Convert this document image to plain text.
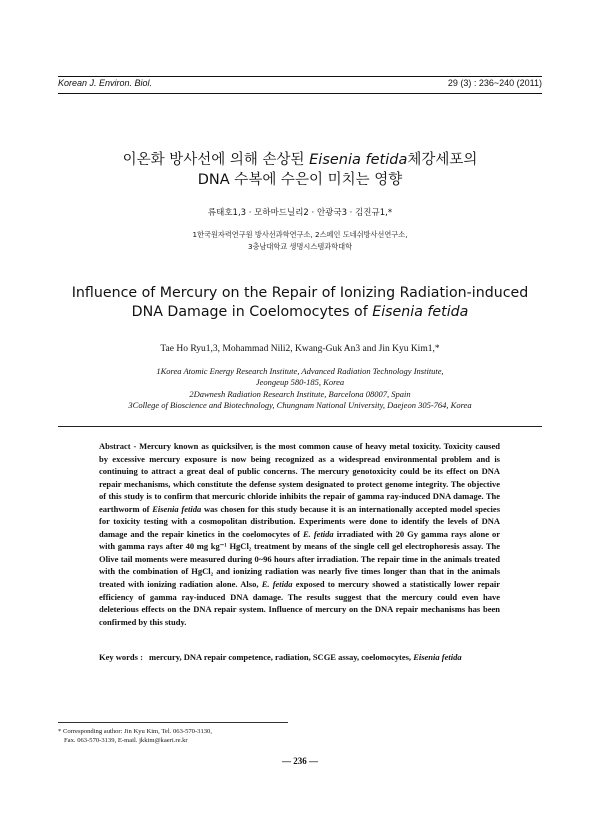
Korean J. Environ. Biol.	29 (3) : 236~240 (2011)
이온화 방사선에 의해 손상된 Eisenia fetida체강세포의
DNA 수복에 수은이 미치는 영향
류태호1,3 · 모하마드닐리2 · 안광국3 · 김진규1,*
1한국원자력연구원 방사선과학연구소, 2스페인 도네쉬방사선연구소,
3충남대학교 생명시스템과학대학
Influence of Mercury on the Repair of Ionizing Radiation-induced
DNA Damage in Coelomocytes of Eisenia fetida
Tae Ho Ryu1,3, Mohammad Nili2, Kwang-Guk An3 and Jin Kyu Kim1,*
1Korea Atomic Energy Research Institute, Advanced Radiation Technology Institute,
Jeongeup 580-185, Korea
2Dawnesh Radiation Research Institute, Barcelona 08007, Spain
3College of Bioscience and Biotechnology, Chungnam National University, Daejeon 305-764, Korea

Abstract - Mercury known as quicksilver, is the most common cause of heavy metal toxicity. Toxicity caused by excessive mercury exposure is now being recognized as a widespread environmental problem and is continuing to attract a great deal of public concerns. The mercury genotoxicity could be its effect on DNA repair mechanisms, which constitute the defense system designated to protect genome integrity. The objective of this study is to confirm that mercuric chloride inhibits the repair of gamma ray-induced DNA damage. The earthworm of Eisenia fetida was chosen for this study because it is an internationally accepted model species for toxicity testing with a cosmopolitan distribution. Experiments were done to identify the levels of DNA damage and the repair kinetics in the coelomocytes of E. fetida irradiated with 20 Gy gamma rays alone or with gamma rays after 40 mg kg⁻¹ HgCl₂ treatment by means of the single cell gel electrophoresis assay. The Olive tail moments were measured during 0~96 hours after irradiation. The repair time in the animals treated with the combination of HgCl₂ and ionizing radiation was nearly five times longer than that in the animals treated with ionizing radiation alone. Also, E. fetida exposed to mercury showed a statistically lower repair efficiency of gamma ray-induced DNA damage. The results suggest that the mercury could even have deleterious effects on the DNA repair system. Influence of mercury on the DNA repair mechanisms has been confirmed by this study.

Key words : mercury, DNA repair competence, radiation, SCGE assay, coelomocytes, Eisenia fetida
* Corresponding author: Jin Kyu Kim, Tel. 063-570-3130,
Fax. 063-570-3139, E-mail. jkkim@kaeri.re.kr
— 236 —
